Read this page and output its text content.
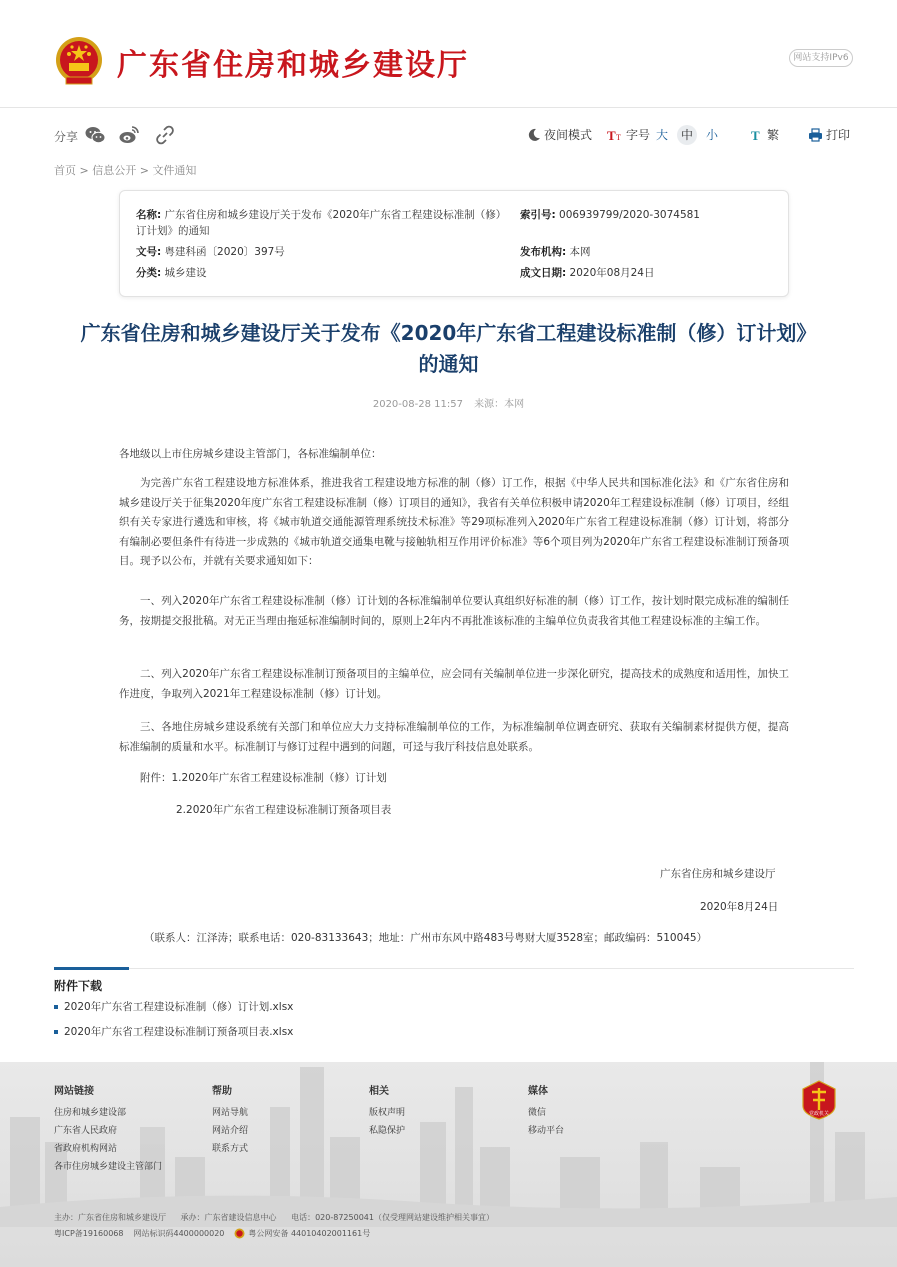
广东省住房和城乡建设厅	网站支持IPv6
分享	夜间模式 T T 字号 大	中	小	T 繁	打印
首页 > 信息公开 > 文件通知
名称: 广东省住房和城乡建设厅关于发布《2020年广东省工程建设标准制（修）订计划》的通知
索引号: 006939799/2020-3074581
文号: 粤建科函〔2020〕397号	发布机构: 本网
分类: 城乡建设	成文日期: 2020年08月24日
广东省住房和城乡建设厅关于发布《2020年广东省工程建设标准制（修）订计划》
的通知
2020-08-28 11:57 来源：本网
各地级以上市住房城乡建设主管部门，各标准编制单位：
为完善广东省工程建设地方标准体系，推进我省工程建设地方标准的制（修）订工作，根据《中华人民共和国标准化法》和《广东省住房和城乡建设厅关于征集2020年度广东省工程建设标准制（修）订项目的通知》，我省有关单位积极申请2020年工程建设标准制（修）订项目，经组织有关专家进行遴选和审核，将《城市轨道交通能源管理系统技术标准》等29项标准列入2020年广东省工程建设标准制（修）订计划，将部分有编制必要但条件有待进一步成熟的《城市轨道交通集电靴与接触轨相互作用评价标准》等6个项目列为2020年广东省工程建设标准制订预备项目。现予以公布，并就有关要求通知如下：
一、列入2020年广东省工程建设标准制（修）订计划的各标准编制单位要认真组织好标准的制（修）订工作，按计划时限完成标准的编制任务，按期提交报批稿。对无正当理由拖延标准编制时间的，原则上2年内不再批准该标准的主编单位负责我省其他工程建设标准的主编工作。
二、列入2020年广东省工程建设标准制订预备项目的主编单位，应会同有关编制单位进一步深化研究，提高技术的成熟度和适用性，加快工作进度，争取列入2021年工程建设标准制（修）订计划。
三、各地住房城乡建设系统有关部门和单位应大力支持标准编制单位的工作，为标准编制单位调查研究、获取有关编制素材提供方便，提高标准编制的质量和水平。标准制订与修订过程中遇到的问题，可迳与我厅科技信息处联系。
附件：1.2020年广东省工程建设标准制（修）订计划
2.2020年广东省工程建设标准制订预备项目表
广东省住房和城乡建设厅
2020年8月24日
（联系人：江泽涛；联系电话：020-83133643；地址：广州市东风中路483号粤财大厦3528室；邮政编码：510045）
附件下载
2020年广东省工程建设标准制（修）订计划.xlsx
2020年广东省工程建设标准制订预备项目表.xlsx
网站链接
住房和城乡建设部
广东省人民政府
省政府机构网站
各市住房城乡建设主管部门
帮助
网站导航
网站介绍
联系方式
相关
版权声明
私隐保护
媒体
微信
移动平台
党政机关
主办：广东省住房和城乡建设厅 承办：广东省建设信息中心 电话：020-87250041（仅受理网站建设维护相关事宜）
粤ICP备19160068 网站标识码4400000020	粤公网安备 44010402001161号
